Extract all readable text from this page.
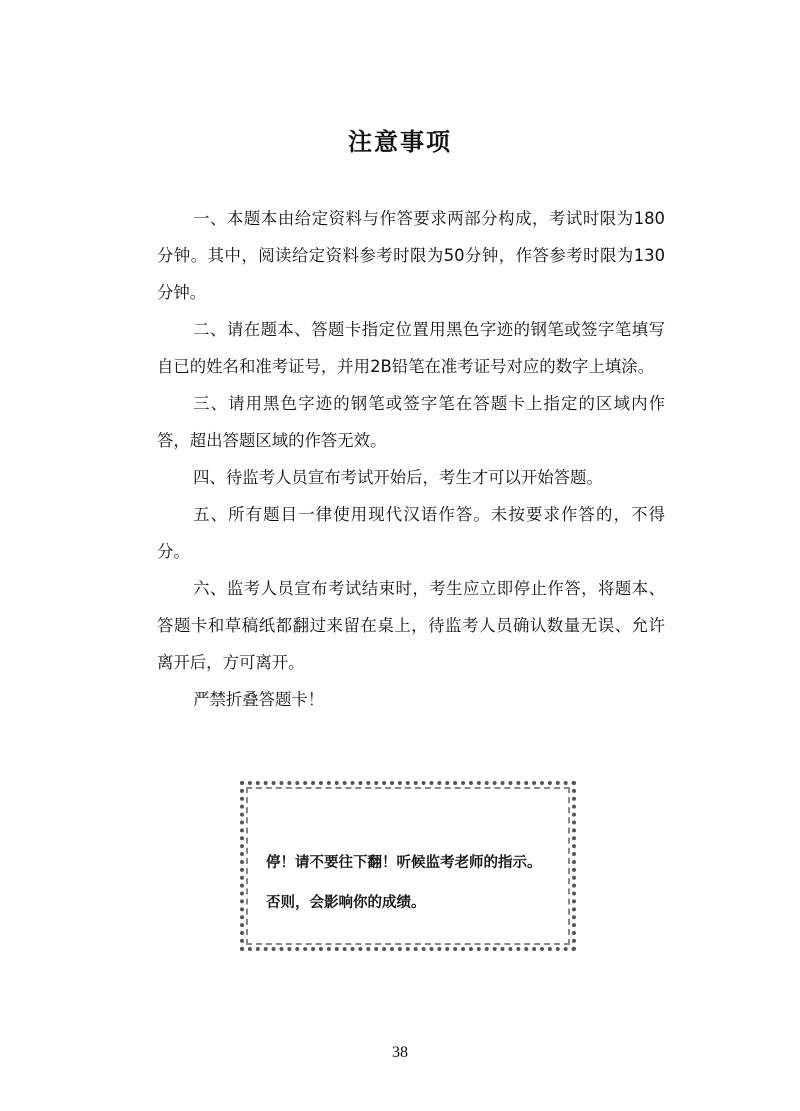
注意事项

一、本题本由给定资料与作答要求两部分构成，考试时限为180分钟。其中，阅读给定资料参考时限为50分钟，作答参考时限为130分钟。

二、请在题本、答题卡指定位置用黑色字迹的钢笔或签字笔填写自已的姓名和准考证号，并用2B铅笔在准考证号对应的数字上填涂。

三、请用黑色字迹的钢笔或签字笔在答题卡上指定的区域内作答，超出答题区域的作答无效。

四、待监考人员宣布考试开始后，考生才可以开始答题。

五、所有题目一律使用现代汉语作答。未按要求作答的，不得分。

六、监考人员宣布考试结束时，考生应立即停止作答，将题本、答题卡和草稿纸都翻过来留在桌上，待监考人员确认数量无误、允许离开后，方可离开。

严禁折叠答题卡！

停！请不要往下翻！听候监考老师的指示。
否则，会影响你的成绩。
38
